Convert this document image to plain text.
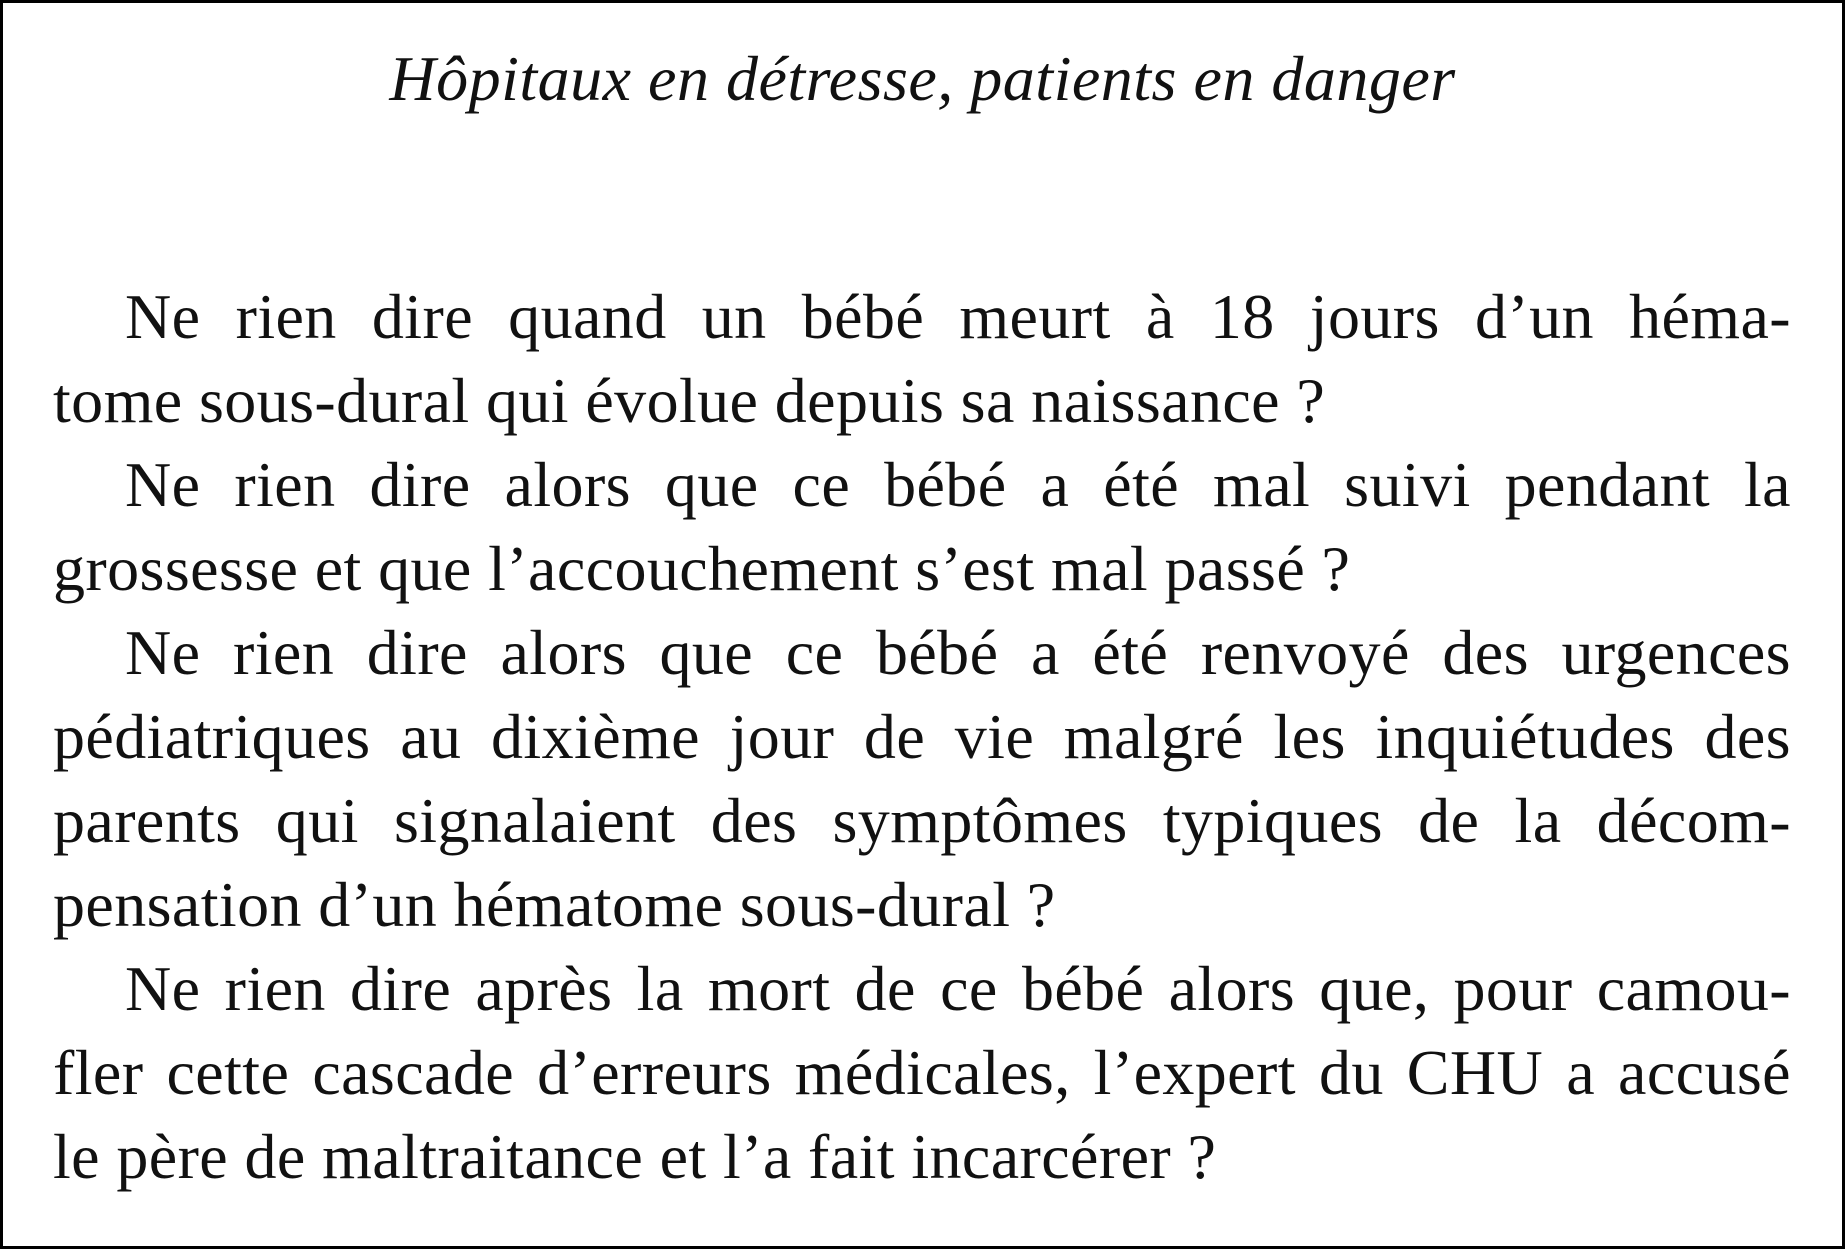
Hôpitaux en détresse, patients en danger
Ne rien dire quand un bébé meurt à 18 jours d’un héma-
tome sous-dural qui évolue depuis sa naissance ?
Ne rien dire alors que ce bébé a été mal suivi pendant la
grossesse et que l’accouchement s’est mal passé ?
Ne rien dire alors que ce bébé a été renvoyé des urgences
pédiatriques au dixième jour de vie malgré les inquiétudes des
parents qui signalaient des symptômes typiques de la décom-
pensation d’un hématome sous-dural ?
Ne rien dire après la mort de ce bébé alors que, pour camou-
fler cette cascade d’erreurs médicales, l’expert du CHU a accusé
le père de maltraitance et l’a fait incarcérer ?
